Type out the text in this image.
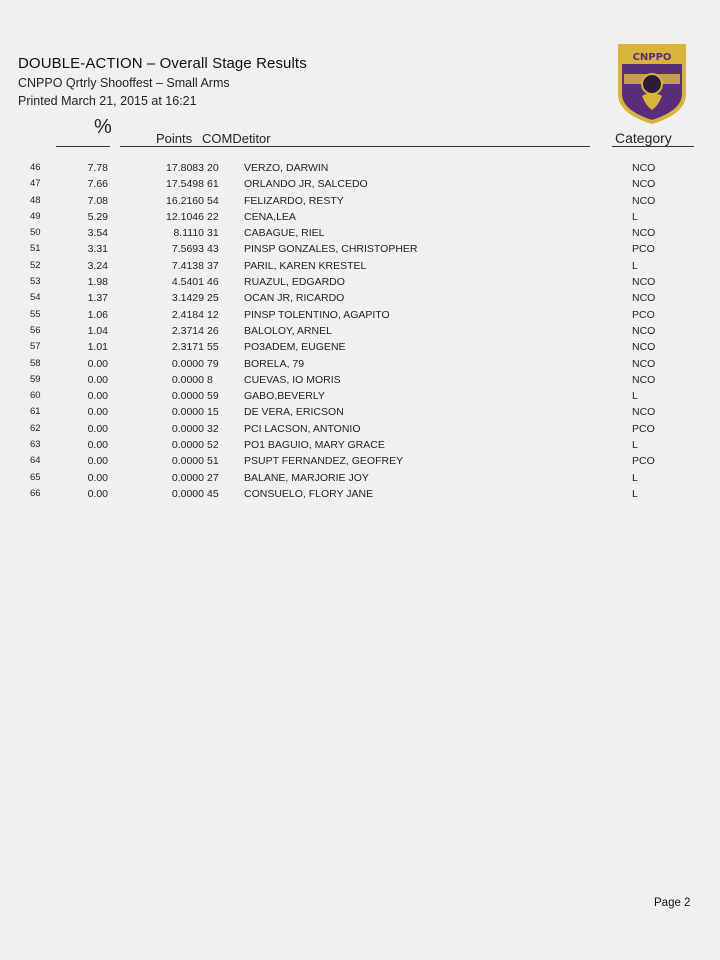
DOUBLE-ACTION – Overall Stage Results
CNPPO Qrtrly Shooffest – Small Arms
Printed March 21, 2015 at 16:21
CNPPO
%
Points COMDetitor	Category
46	7.78	17.8083 20 VERZO, DARWIN	NCO
47	7.66	17.5498 61 ORLANDO JR, SALCEDO	NCO
48	7.08	16.2160 54 FELIZARDO, RESTY	NCO
49	5.29	12.1046 22 CENA,LEA	L
50	3.54	8.1110 31 CABAGUE, RIEL	NCO
51	3.31	7.5693 43 PINSP GONZALES, CHRISTOPHER	PCO
52	3.24	7.4138 37 PARIL, KAREN KRESTEL	L
53	1.98	4.5401 46 RUAZUL, EDGARDO	NCO
54	1.37	3.1429 25 OCAN JR, RICARDO	NCO
55	1.06	2.4184 12 PINSP TOLENTINO, AGAPITO	PCO
56	1.04	2.3714 26 BALOLOY, ARNEL	NCO
57	1.01	2.3171 55 PO3ADEM, EUGENE	NCO
58	0.00	0.0000 79 BORELA, 79	NCO
59	0.00	0.0000 8	CUEVAS, IO MORIS	NCO
60	0.00	0.0000 59 GABO,BEVERLY	L
61	0.00	0.0000 15 DE VERA, ERICSON	NCO
62	0.00	0.0000 32 PCI LACSON, ANTONIO	PCO
63	0.00	0.0000 52 PO1 BAGUIO, MARY GRACE	L
64	0.00	0.0000 51 PSUPT FERNANDEZ, GEOFREY	PCO
65	0.00	0.0000 27 BALANE, MARJORIE JOY	L
66	0.00	0.0000 45 CONSUELO, FLORY JANE	L
Page 2
